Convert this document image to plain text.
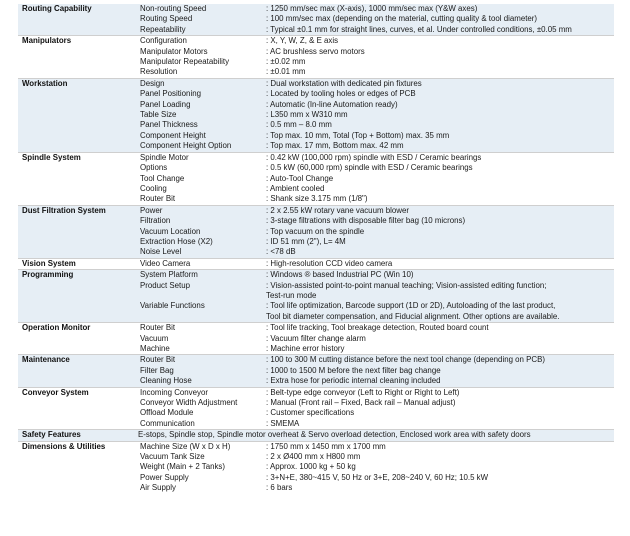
Routing Capability	Non-routing Speed	: 1250 mm/sec max (X-axis), 1000 mm/sec max (Y&W axes)
	Routing Speed	: 100 mm/sec max (depending on the material, cutting quality & tool diameter)
	Repeatability	: Typical ±0.1 mm for straight lines, curves, et al. Under controlled conditions, ±0.05 mm
Manipulators	Configuration	: X, Y, W, Z, & E axis
	Manipulator Motors	: AC brushless servo motors
	Manipulator Repeatability	: ±0.02 mm
	Resolution	: ±0.01 mm
Workstation	Design	: Dual workstation with dedicated pin fixtures
	Panel Positioning	: Located by tooling holes or edges of PCB
	Panel Loading	: Automatic (In-line Automation ready)
	Table Size	: L350 mm x W310 mm
	Panel Thickness	: 0.5 mm – 8.0 mm
	Component Height	: Top max. 10 mm, Total (Top + Bottom) max. 35 mm
	Component Height Option	: Top max. 17 mm, Bottom max. 42 mm
Spindle System	Spindle Motor	: 0.42 kW (100,000 rpm) spindle with ESD / Ceramic bearings
	Options	: 0.5 kW (60,000 rpm) spindle with ESD / Ceramic bearings
	Tool Change	: Auto-Tool Change
	Cooling	: Ambient cooled
	Router Bit	: Shank size 3.175 mm (1/8")
Dust Filtration System	Power	: 2 x 2.55 kW rotary vane vacuum blower
	Filtration	: 3-stage filtrations with disposable filter bag (10 microns)
	Vacuum Location	: Top vacuum on the spindle
	Extraction Hose (X2)	: ID 51 mm (2"), L= 4M
	Noise Level	: <78 dB
Vision System	Video Camera	: High-resolution CCD video camera
Programming	System Platform	: Windows ® based Industrial PC (Win 10)
	Product Setup	: Vision-assisted point-to-point manual teaching; Vision-assisted editing function;
		Test-run mode
	Variable Functions	: Tool life optimization, Barcode support (1D or 2D), Autoloading of the last product,
		Tool bit diameter compensation, and Fiducial alignment. Other options are available.
Operation Monitor	Router Bit	: Tool life tracking, Tool breakage detection, Routed board count
	Vacuum	: Vacuum filter change alarm
	Machine	: Machine error history
Maintenance	Router Bit	: 100 to 300 M cutting distance before the next tool change (depending on PCB)
	Filter Bag	: 1000 to 1500 M before the next filter bag change
	Cleaning Hose	: Extra hose for periodic internal cleaning included
Conveyor System	Incoming Conveyor	: Belt-type edge conveyor (Left to Right or Right to Left)
	Conveyor Width Adjustment	: Manual (Front rail – Fixed, Back rail – Manual adjust)
	Offload Module	: Customer specifications
	Communication	: SMEMA
Safety Features	E-stops, Spindle stop, Spindle motor overheat & Servo overload detection, Enclosed work area with safety doors	
Dimensions & Utilities	Machine Size (W x D x H)	: 1750 mm x 1450 mm x 1700 mm
	Vacuum Tank Size	: 2 x Ø400 mm x H800 mm
	Weight (Main + 2 Tanks)	: Approx. 1000 kg + 50 kg
	Power Supply	: 3+N+E, 380~415 V, 50 Hz or 3+E, 208~240 V, 60 Hz; 10.5 kW
	Air Supply	: 6 bars
